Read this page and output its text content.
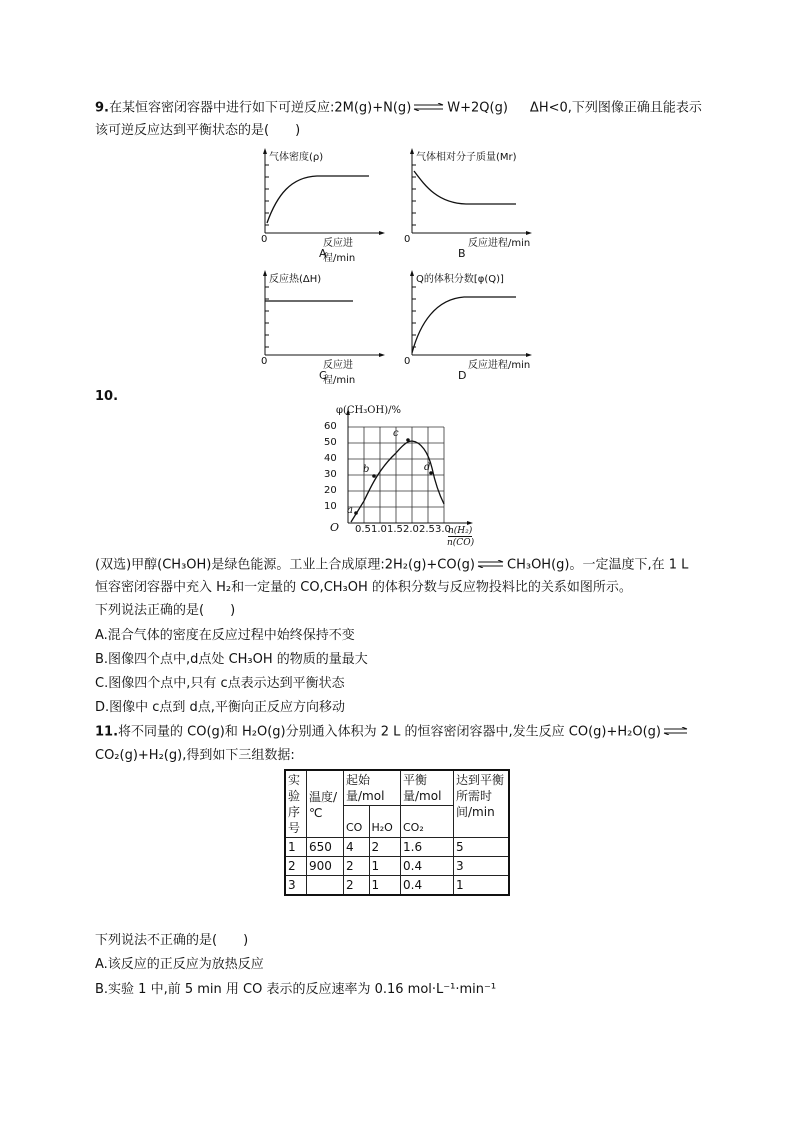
9.在某恒容密闭容器中进行如下可逆反应:2M(g)+N(g) ⇌ W+2Q(g) ΔH<0,下列图像正确且能表示
该可逆反应达到平衡状态的是(　　)
气体密度(ρ)
0	反应进程/min
A
气体相对分子质量(Mr)
0	反应进程/min
B
反应热(ΔH)
0	反应进程/min
C
Q的体积分数[φ(Q)]
0	反应进程/min
D
10.
φ(CH₃OH)/%
10
20
30
40
50
60
O 0.5 1.0 1.5 2.0 2.5 3.0
n(H₂)
n(CO)
a
b
c
d
(双选)甲醇(CH₃OH)是绿色能源。工业上合成原理:2H₂(g)+CO(g) ⇌ CH₃OH(g)。一定温度下,在 1 L
恒容密闭容器中充入 H₂和一定量的 CO,CH₃OH 的体积分数与反应物投料比的关系如图所示。
下列说法正确的是(　　)
A.混合气体的密度在反应过程中始终保持不变
B.图像四个点中,d点处 CH₃OH 的物质的量最大
C.图像四个点中,只有 c点表示达到平衡状态
D.图像中 c点到 d点,平衡向正反应方向移动
11.将不同量的 CO(g)和 H₂O(g)分别通入体积为 2 L 的恒容密闭容器中,发生反应 CO(g)+H₂O(g) ⇌
CO₂(g)+H₂(g),得到如下三组数据:
实验序号	温度/℃	起始量/mol		平衡量/mol	达到平衡所需时间/min
		CO	H₂O	CO₂	
1	650	4	2	1.6	5
2	900	2	1	0.4	3
3		2	1	0.4	1
下列说法不正确的是(　　)
A.该反应的正反应为放热反应
B.实验 1 中,前 5 min 用 CO 表示的反应速率为 0.16 mol·L⁻¹·min⁻¹
